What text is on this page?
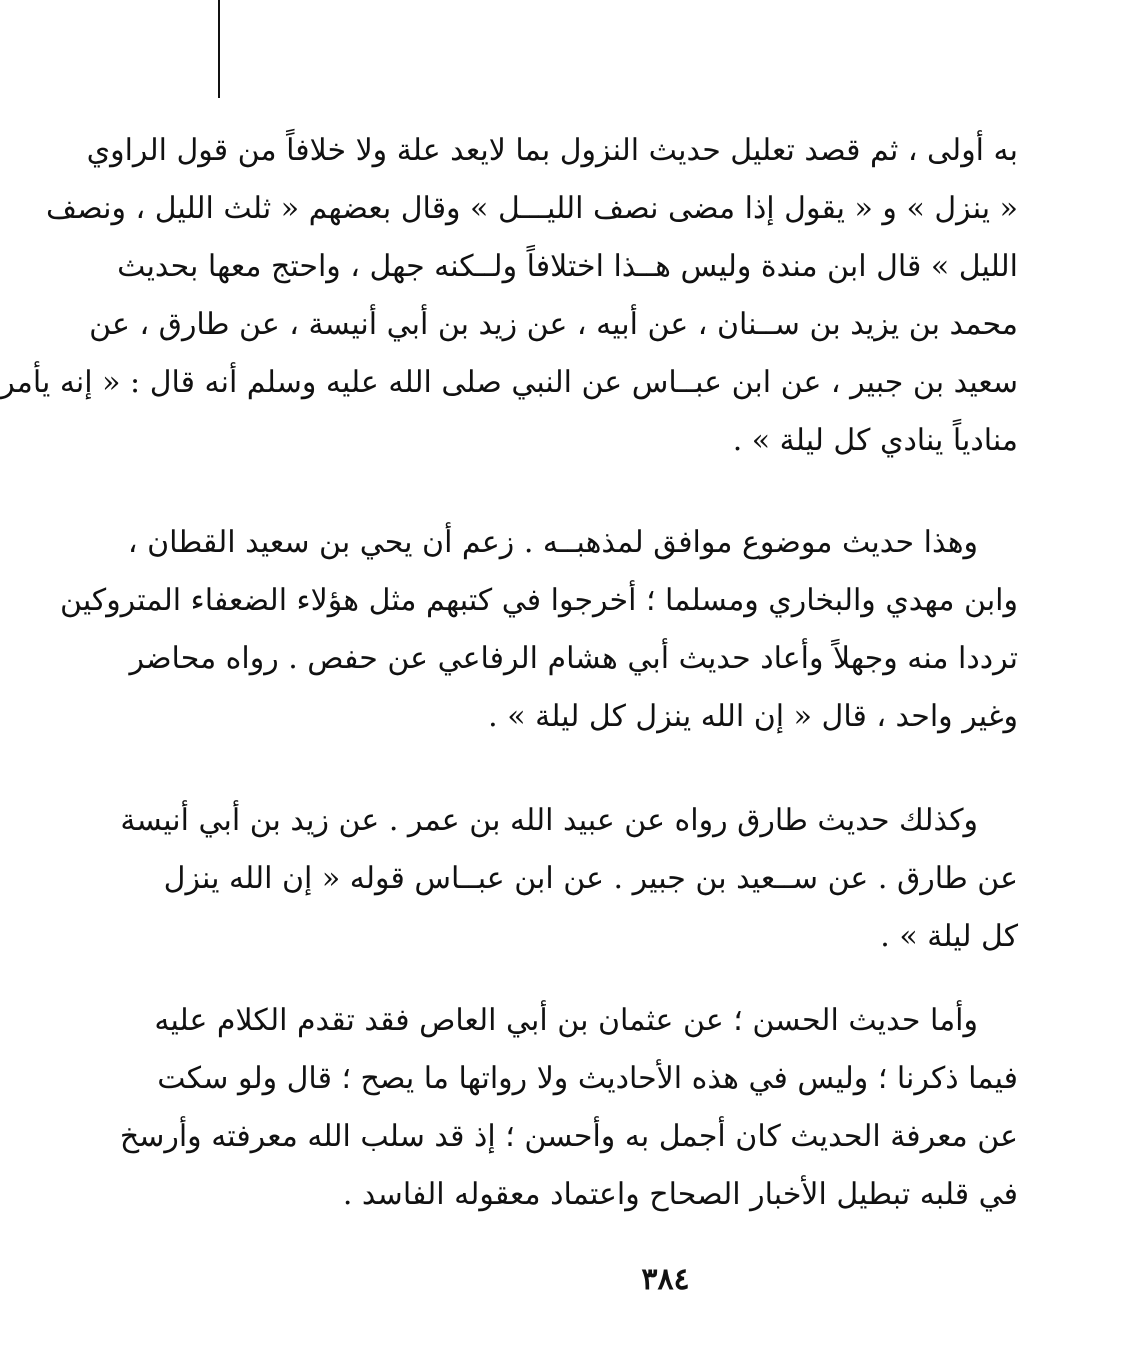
به أولى ، ثم قصد تعليل حديث النزول بما لايعد علة ولا خلافاً من قول الراوي
« ينزل » و « يقول إذا مضى نصف الليـــل » وقال بعضهم « ثلث الليل ، ونصف
الليل » قال ابن مندة وليس هــذا اختلافاً ولــكنه جهل ، واحتج معها بحديث
محمد بن يزيد بن ســنان ، عن أبيه ، عن زيد بن أبي أنيسة ، عن طارق ، عن
سعيد بن جبير ، عن ابن عبــاس عن النبي صلى الله عليه وسلم أنه قال : « إنه يأمر
منادياً ينادي كل ليلة » .
وهذا حديث موضوع موافق لمذهبــه . زعم أن يحي بن سعيد القطان ،
وابن مهدي والبخاري ومسلما ؛ أخرجوا في كتبهم مثل هؤلاء الضعفاء المتروكين
ترددا منه وجهلاً وأعاد حديث أبي هشام الرفاعي عن حفص . رواه محاضر
وغير واحد ، قال « إن الله ينزل كل ليلة » .
وكذلك حديث طارق رواه عن عبيد الله بن عمر . عن زيد بن أبي أنيسة
عن طارق . عن ســعيد بن جبير . عن ابن عبــاس قوله « إن الله ينزل
كل ليلة » .
وأما حديث الحسن ؛ عن عثمان بن أبي العاص فقد تقدم الكلام عليه
فيما ذكرنا ؛ وليس في هذه الأحاديث ولا رواتها ما يصح ؛ قال ولو سكت
عن معرفة الحديث كان أجمل به وأحسن ؛ إذ قد سلب الله معرفته وأرسخ
في قلبه تبطيل الأخبار الصحاح واعتماد معقوله الفاسد .
٣٨٤
